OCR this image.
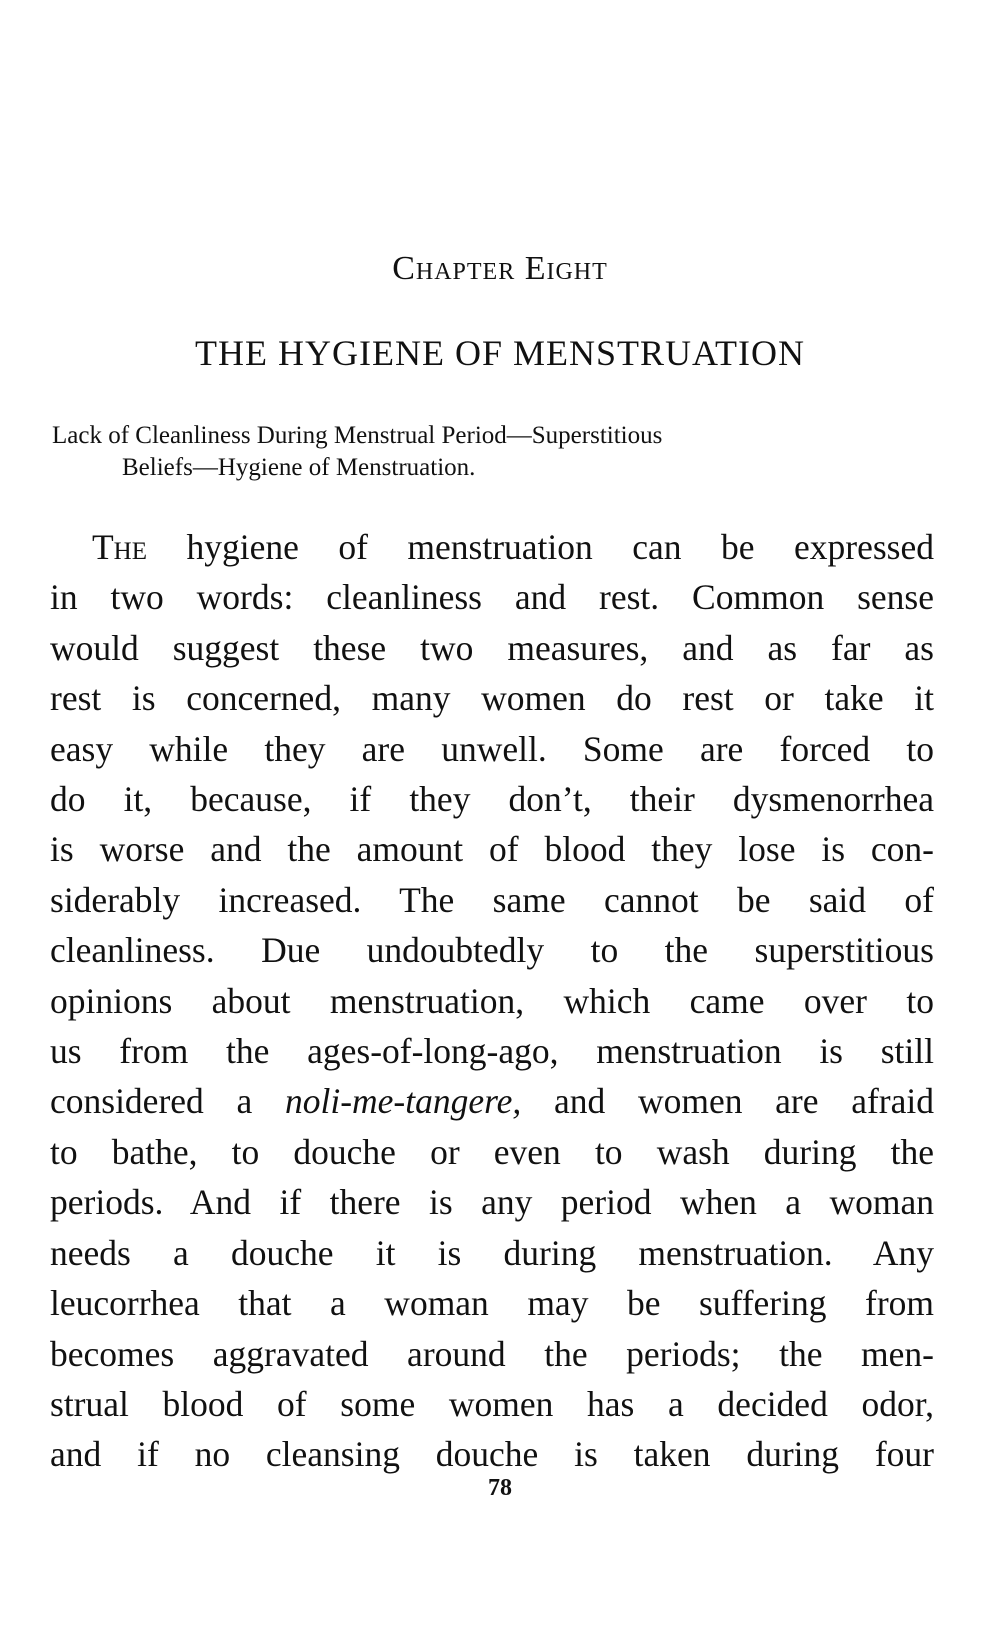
Chapter Eight
THE HYGIENE OF MENSTRUATION

Lack of Cleanliness During Menstrual Period—Superstitious
Beliefs—Hygiene of Menstruation.

The hygiene of menstruation can be expressed
in two words: cleanliness and rest. Common sense
would suggest these two measures, and as far as
rest is concerned, many women do rest or take it
easy while they are unwell. Some are forced to
do it, because, if they don’t, their dysmenorrhea
is worse and the amount of blood they lose is con-
siderably increased. The same cannot be said of
cleanliness. Due undoubtedly to the superstitious
opinions about menstruation, which came over to
us from the ages-of-long-ago, menstruation is still
considered a noli-me-tangere, and women are afraid
to bathe, to douche or even to wash during the
periods. And if there is any period when a woman
needs a douche it is during menstruation. Any
leucorrhea that a woman may be suffering from
becomes aggravated around the periods; the men-
strual blood of some women has a decided odor,
and if no cleansing douche is taken during four

78
